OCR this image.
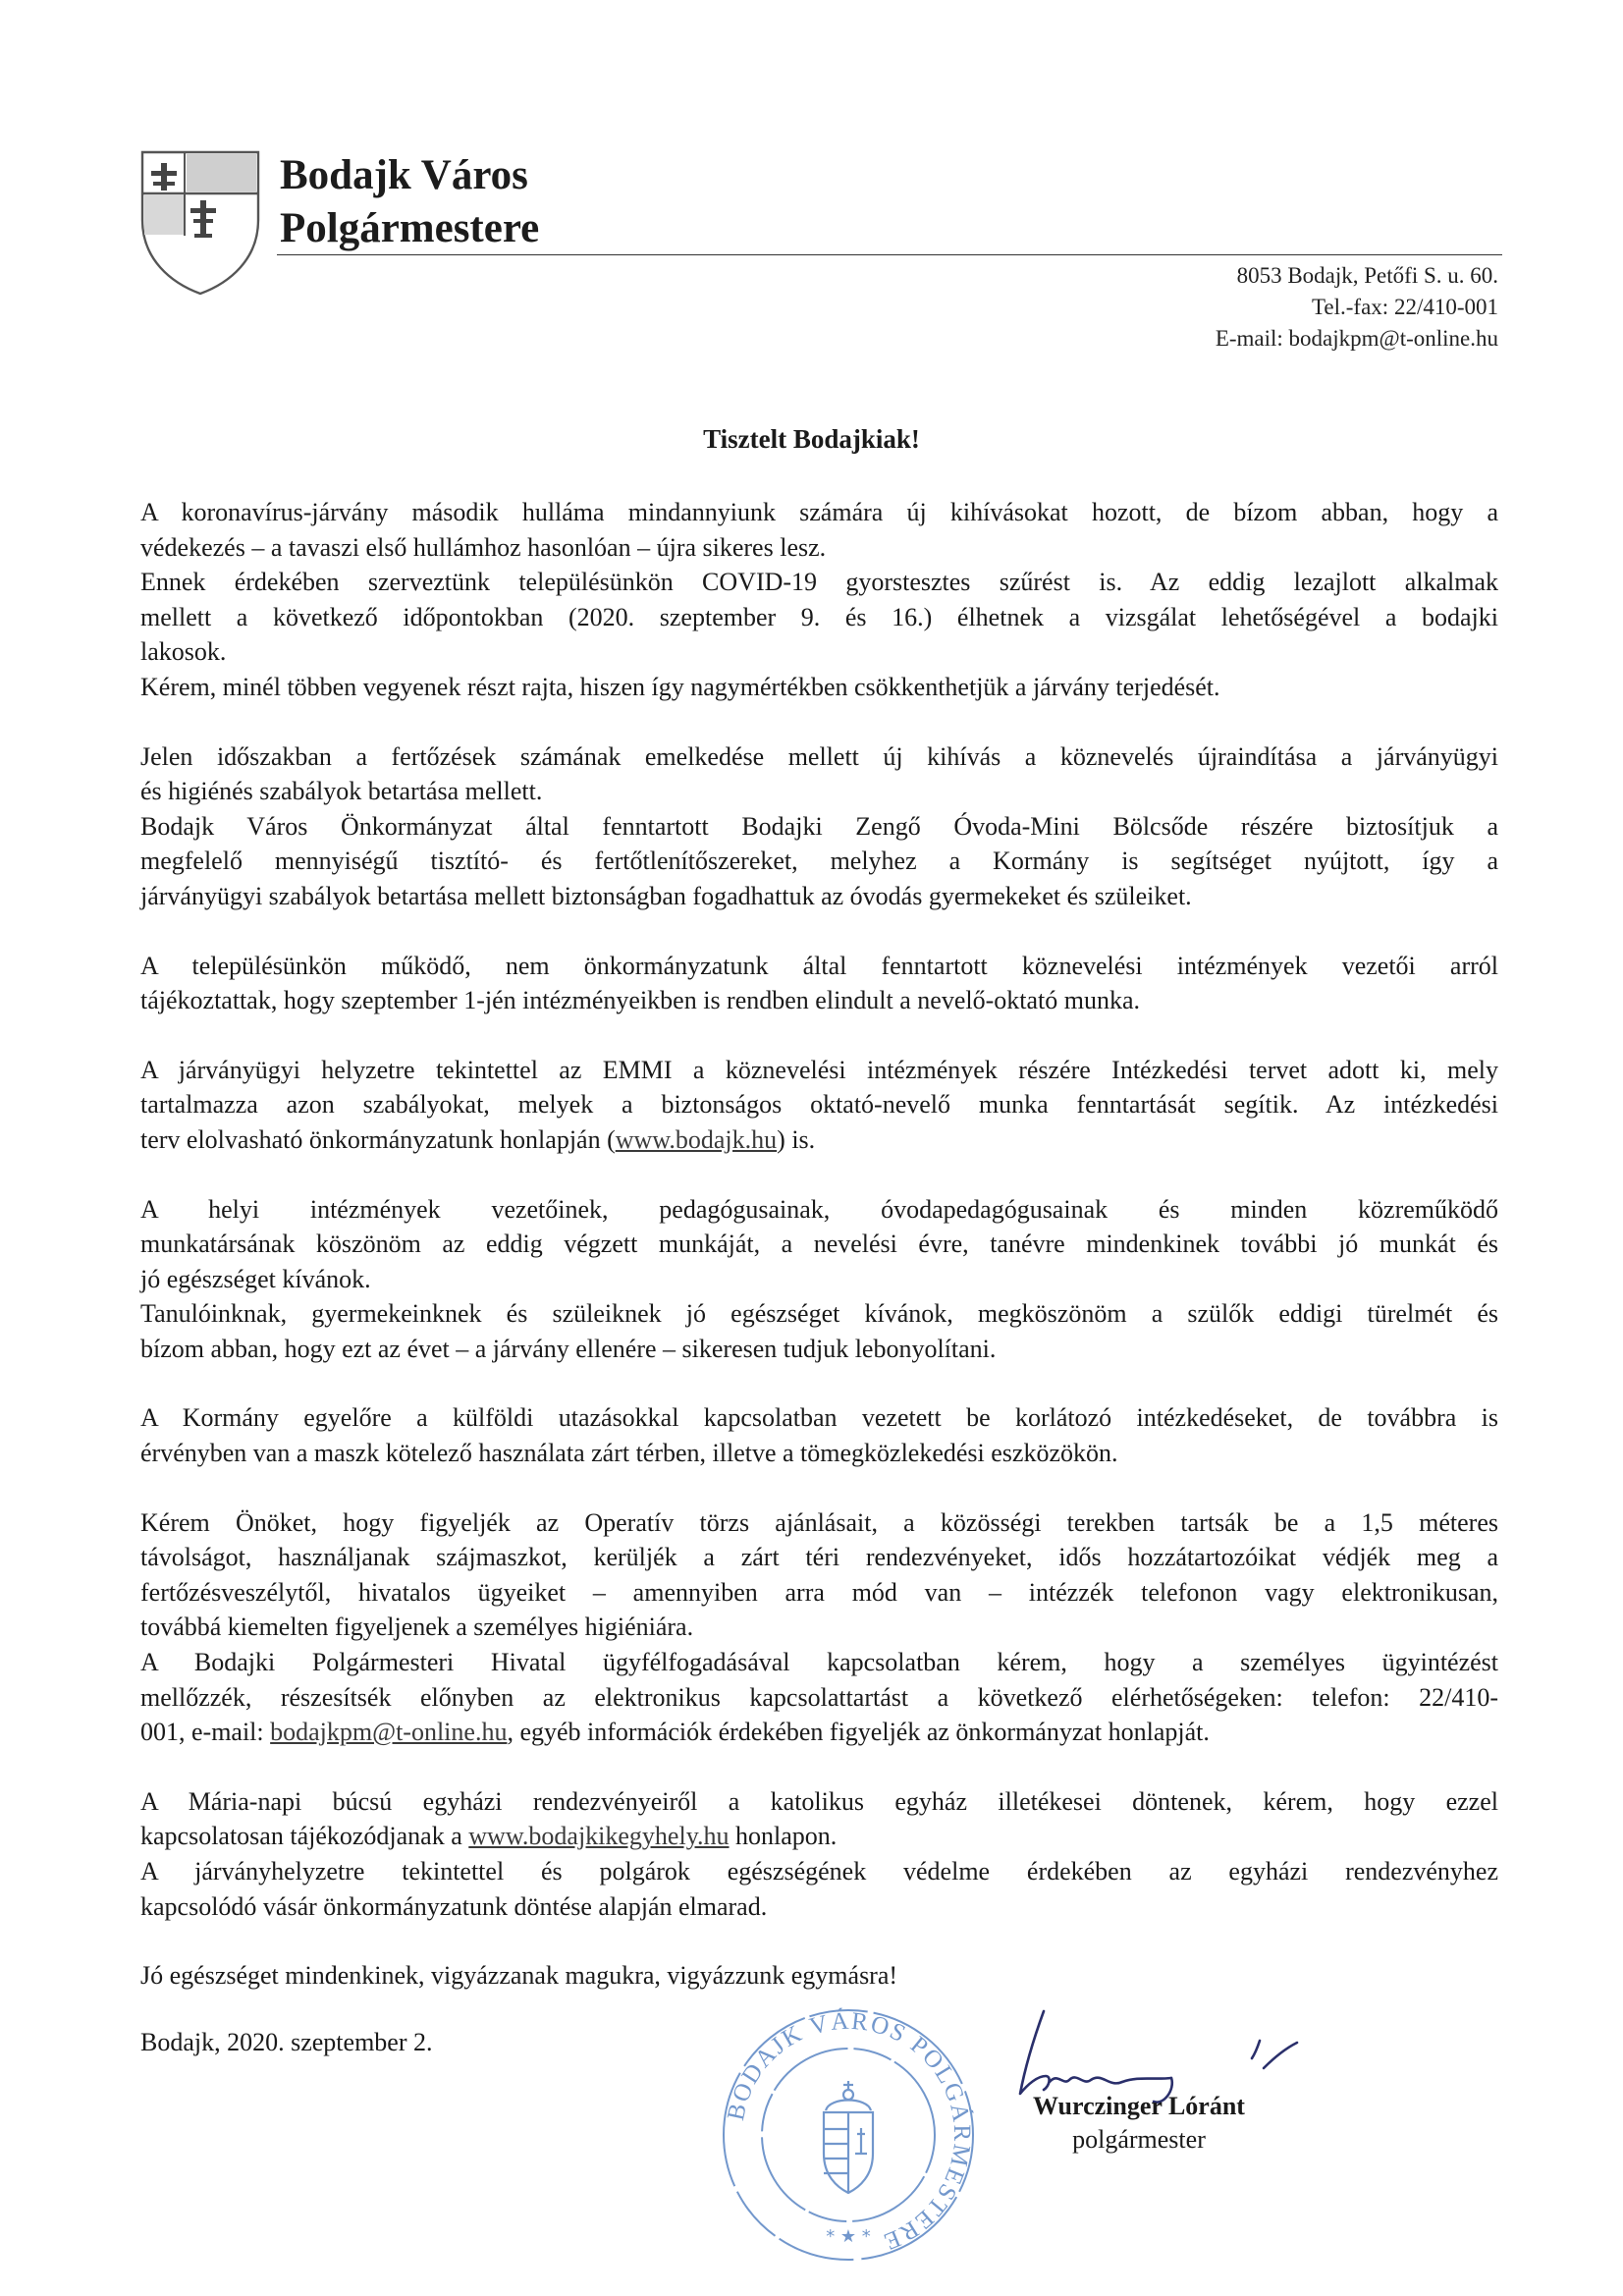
Bodajk Város
Polgármestere
8053 Bodajk, Petőfi S. u. 60.
Tel.-fax: 22/410-001
E-mail: bodajkpm@t-online.hu
Tisztelt Bodajkiak!
A koronavírus-járvány második hulláma mindannyiunk számára új kihívásokat hozott, de bízom abban, hogy a
védekezés – a tavaszi első hullámhoz hasonlóan – újra sikeres lesz.
Ennek érdekében szerveztünk településünkön COVID-19 gyorstesztes szűrést is. Az eddig lezajlott alkalmak
mellett a következő időpontokban (2020. szeptember 9. és 16.) élhetnek a vizsgálat lehetőségével a bodajki
lakosok.
Kérem, minél többen vegyenek részt rajta, hiszen így nagymértékben csökkenthetjük a járvány terjedését.
Jelen időszakban a fertőzések számának emelkedése mellett új kihívás a köznevelés újraindítása a járványügyi
és higiénés szabályok betartása mellett.
Bodajk Város Önkormányzat által fenntartott Bodajki Zengő Óvoda-Mini Bölcsőde részére biztosítjuk a
megfelelő mennyiségű tisztító- és fertőtlenítőszereket, melyhez a Kormány is segítséget nyújtott, így a
járványügyi szabályok betartása mellett biztonságban fogadhattuk az óvodás gyermekeket és szüleiket.
A településünkön működő, nem önkormányzatunk által fenntartott köznevelési intézmények vezetői arról
tájékoztattak, hogy szeptember 1-jén intézményeikben is rendben elindult a nevelő-oktató munka.
A járványügyi helyzetre tekintettel az EMMI a köznevelési intézmények részére Intézkedési tervet adott ki, mely
tartalmazza azon szabályokat, melyek a biztonságos oktató-nevelő munka fenntartását segítik. Az intézkedési
terv elolvasható önkormányzatunk honlapján (www.bodajk.hu) is.
A helyi intézmények vezetőinek, pedagógusainak, óvodapedagógusainak és minden közreműködő
munkatársának köszönöm az eddig végzett munkáját, a nevelési évre, tanévre mindenkinek további jó munkát és
jó egészséget kívánok.
Tanulóinknak, gyermekeinknek és szüleiknek jó egészséget kívánok, megköszönöm a szülők eddigi türelmét és
bízom abban, hogy ezt az évet – a járvány ellenére – sikeresen tudjuk lebonyolítani.
A Kormány egyelőre a külföldi utazásokkal kapcsolatban vezetett be korlátozó intézkedéseket, de továbbra is
érvényben van a maszk kötelező használata zárt térben, illetve a tömegközlekedési eszközökön.
Kérem Önöket, hogy figyeljék az Operatív törzs ajánlásait, a közösségi terekben tartsák be a 1,5 méteres
távolságot, használjanak szájmaszkot, kerüljék a zárt téri rendezvényeket, idős hozzátartozóikat védjék meg a
fertőzésveszélytől, hivatalos ügyeiket – amennyiben arra mód van – intézzék telefonon vagy elektronikusan,
továbbá kiemelten figyeljenek a személyes higiéniára.
A Bodajki Polgármesteri Hivatal ügyfélfogadásával kapcsolatban kérem, hogy a személyes ügyintézést
mellőzzék, részesítsék előnyben az elektronikus kapcsolattartást a következő elérhetőségeken: telefon: 22/410-
001, e-mail: bodajkpm@t-online.hu, egyéb információk érdekében figyeljék az önkormányzat honlapját.
A Mária-napi búcsú egyházi rendezvényeiről a katolikus egyház illetékesei döntenek, kérem, hogy ezzel
kapcsolatosan tájékozódjanak a www.bodajkikegyhely.hu honlapon.
A járványhelyzetre tekintettel és polgárok egészségének védelme érdekében az egyházi rendezvényhez
kapcsolódó vásár önkormányzatunk döntése alapján elmarad.
Jó egészséget mindenkinek, vigyázzanak magukra, vigyázzunk egymásra!
Bodajk, 2020. szeptember 2.
BODAJK VÁROS POLGÁRMESTERE
* ★ *
Wurczinger Lóránt
polgármester
